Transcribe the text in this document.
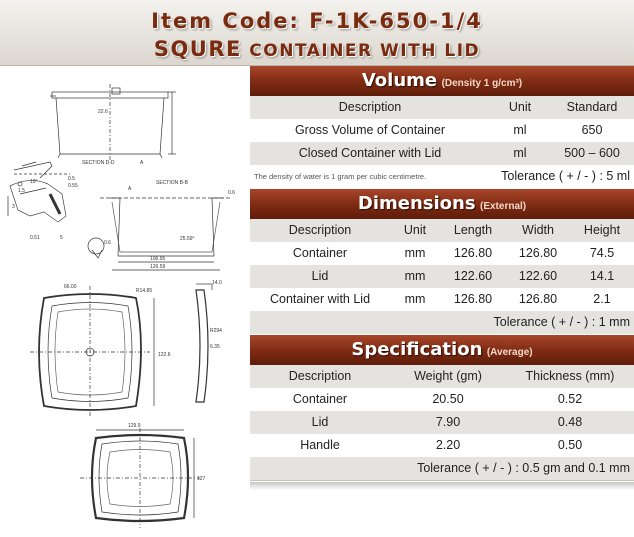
Item Code: F-1K-650-1/4
SQURE CONTAINER WITH LID
22.6
SECTION D-D	A
0.5
0.55
1.5
10°
3
0.51	5
SECTION B-B
A
0.6
25.59°
106.95
126.59
0.6
R14.85
66.00
122.6
14.0
R294
6.35
129.9
127
Volume (Density 1 g/cm³)
Description	Unit	Standard
Gross Volume of Container	ml	650
Closed Container with Lid	ml	500 – 600
The density of water is 1 gram per cubic centimetre.	Tolerance ( + / - ) : 5 ml
Dimensions (External)
Description	Unit	Length	Width	Height
Container	mm	126.80	126.80	74.5
Lid	mm	122.60	122.60	14.1
Container with Lid	mm	126.80	126.80	2.1
Tolerance ( + / - ) : 1 mm
Specification (Average)
Description	Weight (gm)	Thickness (mm)
Container	20.50	0.52
Lid	7.90	0.48
Handle	2.20	0.50
Tolerance ( + / - ) : 0.5 gm and 0.1 mm
